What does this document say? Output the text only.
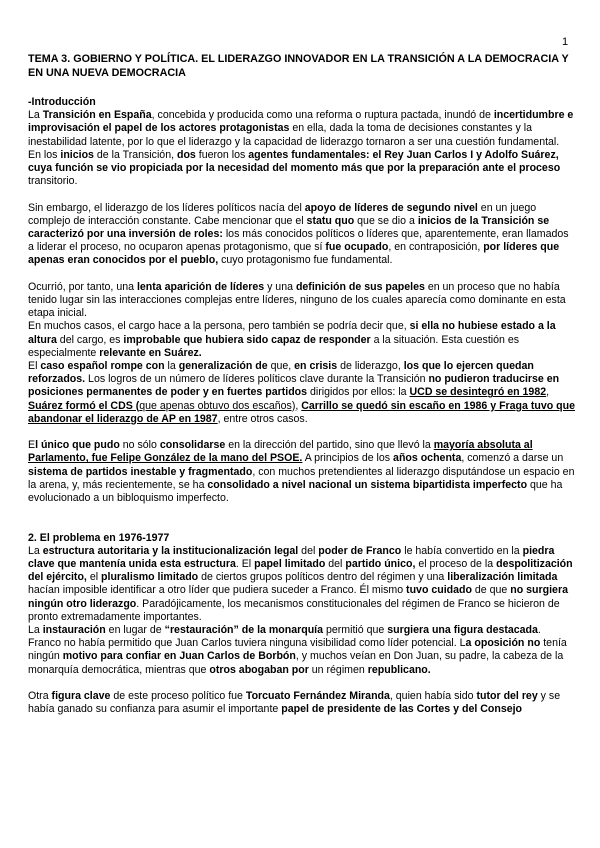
1
TEMA 3. GOBIERNO Y POLÍTICA. EL LIDERAZGO INNOVADOR EN LA TRANSICIÓN A LA DEMOCRACIA Y EN UNA NUEVA DEMOCRACIA
-Introducción

La Transición en España, concebida y producida como una reforma o ruptura pactada, inundó de incertidumbre e improvisación el papel de los actores protagonistas en ella, dada la toma de decisiones constantes y la inestabilidad latente, por lo que el liderazgo y la capacidad de liderazgo tornaron a ser una cuestión fundamental.

En los inicios de la Transición, dos fueron los agentes fundamentales: el Rey Juan Carlos I y Adolfo Suárez, cuya función se vio propiciada por la necesidad del momento más que por la preparación ante el proceso transitorio.

Sin embargo, el liderazgo de los líderes políticos nacía del apoyo de líderes de segundo nivel en un juego complejo de interacción constante. Cabe mencionar que el statu quo que se dio a inicios de la Transición se caracterizó por una inversión de roles: los más conocidos políticos o líderes que, aparentemente, eran llamados a liderar el proceso, no ocuparon apenas protagonismo, que sí fue ocupado, en contraposición, por líderes que apenas eran conocidos por el pueblo, cuyo protagonismo fue fundamental.

Ocurrió, por tanto, una lenta aparición de líderes y una definición de sus papeles en un proceso que no había tenido lugar sin las interacciones complejas entre líderes, ninguno de los cuales aparecía como dominante en esta etapa inicial.

En muchos casos, el cargo hace a la persona, pero también se podría decir que, si ella no hubiese estado a la altura del cargo, es improbable que hubiera sido capaz de responder a la situación. Esta cuestión es especialmente relevante en Suárez.

El caso español rompe con la generalización de que, en crisis de liderazgo, los que lo ejercen quedan reforzados. Los logros de un número de líderes políticos clave durante la Transición no pudieron traducirse en posiciones permanentes de poder y en fuertes partidos dirigidos por ellos: la UCD se desintegró en 1982, Suárez formó el CDS (que apenas obtuvo dos escaños), Carrillo se quedó sin escaño en 1986 y Fraga tuvo que abandonar el liderazgo de AP en 1987, entre otros casos.

El único que pudo no sólo consolidarse en la dirección del partido, sino que llevó la mayoría absoluta al Parlamento, fue Felipe González de la mano del PSOE. A principios de los años ochenta, comenzó a darse un sistema de partidos inestable y fragmentado, con muchos pretendientes al liderazgo disputándose un espacio en la arena, y, más recientemente, se ha consolidado a nivel nacional un sistema bipartidista imperfecto que ha evolucionado a un bibloquismo imperfecto.

2. El problema en 1976-1977

La estructura autoritaria y la institucionalización legal del poder de Franco le había convertido en la piedra clave que mantenía unida esta estructura. El papel limitado del partido único, el proceso de la despolitización del ejército, el pluralismo limitado de ciertos grupos políticos dentro del régimen y una liberalización limitada hacían imposible identificar a otro líder que pudiera suceder a Franco. Él mismo tuvo cuidado de que no surgiera ningún otro liderazgo. Paradójicamente, los mecanismos constitucionales del régimen de Franco se hicieron de pronto extremadamente importantes.

La instauración en lugar de “restauración” de la monarquía permitió que surgiera una figura destacada. Franco no había permitido que Juan Carlos tuviera ninguna visibilidad como líder potencial. La oposición no tenía ningún motivo para confiar en Juan Carlos de Borbón, y muchos veían en Don Juan, su padre, la cabeza de la monarquía democrática, mientras que otros abogaban por un régimen republicano.

Otra figura clave de este proceso político fue Torcuato Fernández Miranda, quien había sido tutor del rey y se había ganado su confianza para asumir el importante papel de presidente de las Cortes y del Consejo
